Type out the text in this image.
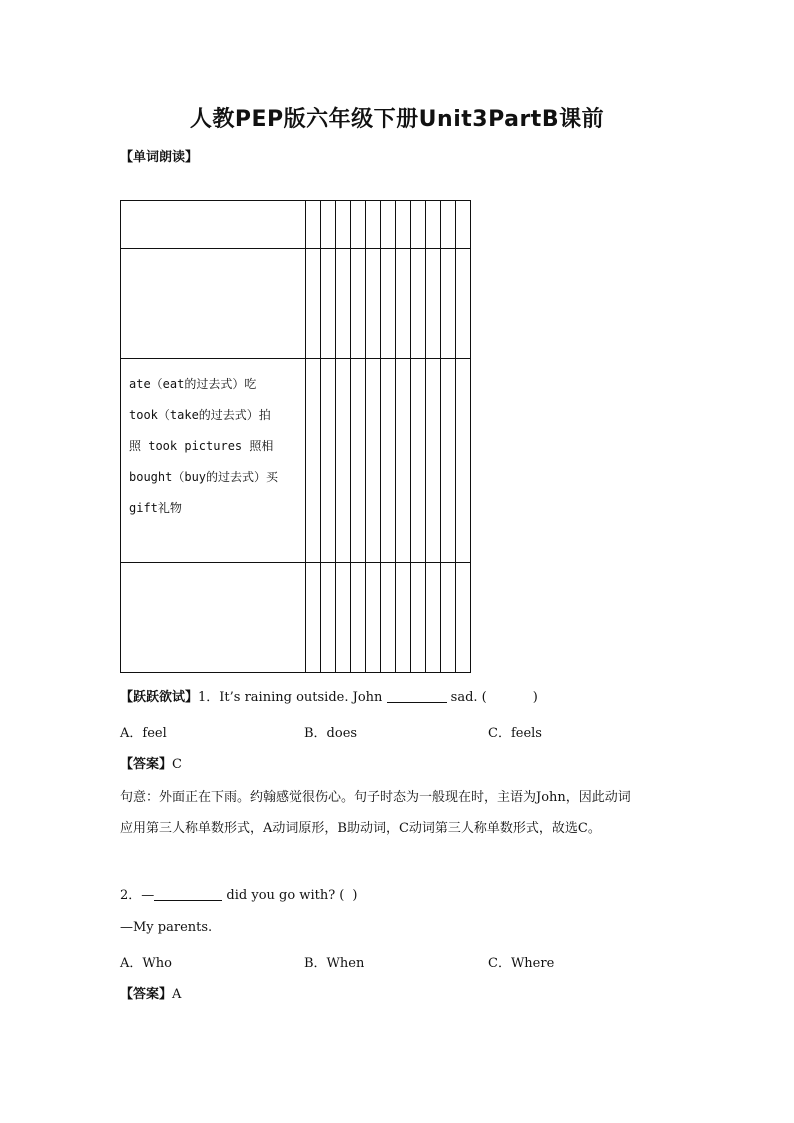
人教PEP版六年级下册Unit3PartB课前
【单词朗读】

ate（eat的过去式）吃
took（take的过去式）拍
照 took pictures 照相
bought（buy的过去式）买
gift礼物											

【跃跃欲试】1．It’s raining outside. John	sad. (	)
A．feel	B．does	C．feels
【答案】C
句意：外面正在下雨。约翰感觉很伤心。句子时态为一般现在时，主语为John，因此动词
应用第三人称单数形式，A动词原形，B助动词，C动词第三人称单数形式，故选C。
2．—	did you go with? ( )
—My parents.
A．Who	B．When	C．Where
【答案】A
